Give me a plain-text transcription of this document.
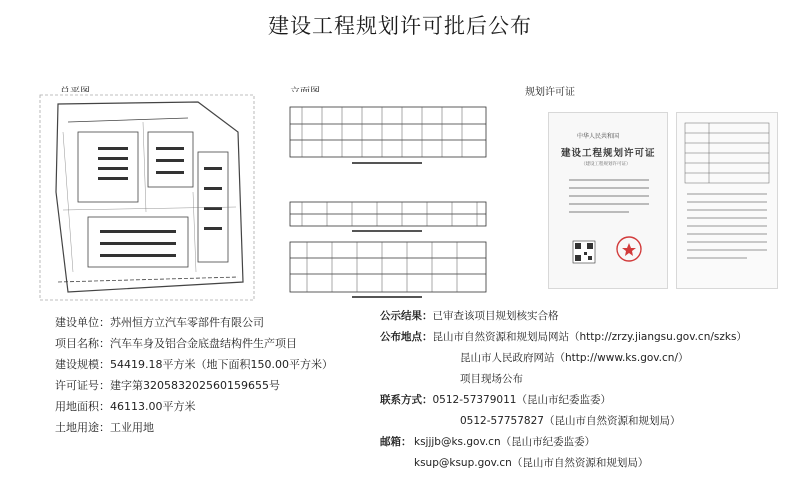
建设工程规划许可批后公布
规划许可证
中华人民共和国
建设工程规划许可证
（建设工程规划许可证）
建设单位：苏州恒方立汽车零部件有限公司
项目名称：汽车车身及铝合金底盘结构件生产项目
建设规模：54419.18平方米（地下面积150.00平方米）
许可证号：建字第320583202560159655号
用地面积：46113.00平方米
土地用途：工业用地
公示结果：已审查该项目规划核实合格
公布地点：昆山市自然资源和规划局网站（http://zrzy.jiangsu.gov.cn/szks）
昆山市人民政府网站（http://www.ks.gov.cn/）
项目现场公布
联系方式：0512-57379011（昆山市纪委监委）
0512-57757827（昆山市自然资源和规划局）
邮箱： ksjjjb@ks.gov.cn（昆山市纪委监委）
ksup@ksup.gov.cn（昆山市自然资源和规划局）
